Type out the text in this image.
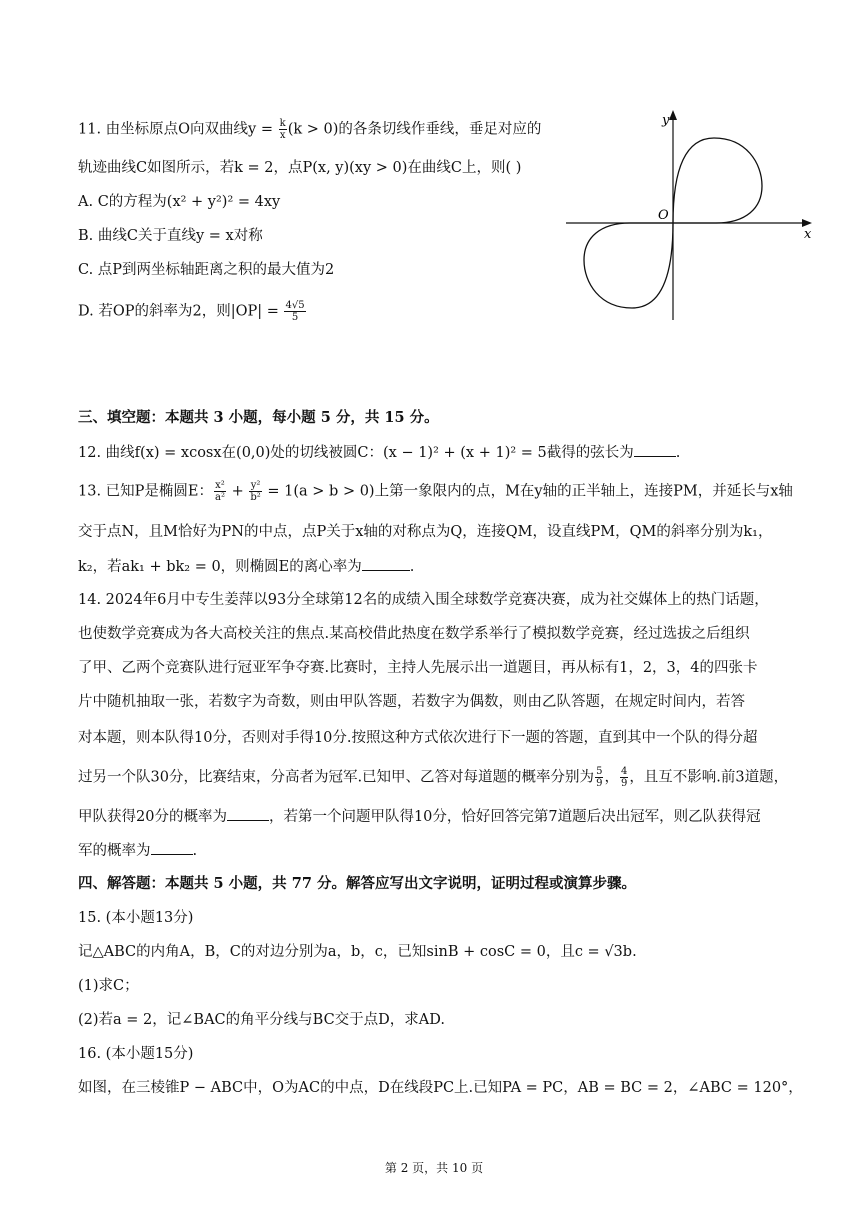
11. 由坐标原点O向双曲线$y = \frac{k}{x} (k > 0)$的各条切线作垂线，垂足对应的
轨迹曲线C如图所示，若k = 2，点P(x, y)(xy > 0)在曲线C上，则( )
A. C的方程为(x² + y²)² = 4xy
B. 曲线C关于直线y = x对称
C. 点P到两坐标轴距离之积的最大值为2
D. 若OP的斜率为2，则$|OP| = \frac{4√5}{5}$
y
x
O
三、填空题：本题共 3 小题，每小题 5 分，共 15 分。
12. 曲线f(x) = xcosx在(0,0)处的切线被圆C：(x − 1)² + (x + 1)² = 5截得的弦长为	.
13. 已知P是椭圆E： $\frac{\text{x²}}{\text{a²}} + \frac{\text{y²}}{\text{b²}} = 1(a > b > 0)$上第一象限内的点，M在y轴的正半轴上，连接PM，并延长与x轴
交于点N，且M恰好为PN的中点，点P关于x轴的对称点为Q，连接QM，设直线PM，QM的斜率分别为k₁，
k₂，若ak₁ + bk₂ = 0，则椭圆E的离心率为	.
14. 2024年6月中专生姜萍以93分全球第12名的成绩入围全球数学竞赛决赛，成为社交媒体上的热门话题，
也使数学竞赛成为各大高校关注的焦点.某高校借此热度在数学系举行了模拟数学竞赛，经过选拔之后组织
了甲、乙两个竞赛队进行冠亚军争夺赛.比赛时，主持人先展示出一道题目，再从标有1，2，3，4的四张卡
片中随机抽取一张，若数字为奇数，则由甲队答题，若数字为偶数，则由乙队答题，在规定时间内，若答
对本题，则本队得10分，否则对手得10分.按照这种方式依次进行下一题的答题，直到其中一个队的得分超
过另一个队30分，比赛结束，分高者为冠军.已知甲、乙答对每道题的概率分别为 $\frac{5}{9}$ ， $\frac{4}{9}$ ，且互不影响.前3道题，
甲队获得20分的概率为	，若第一个问题甲队得10分，恰好回答完第7道题后决出冠军，则乙队获得冠
军的概率为	.
四、解答题：本题共 5 小题，共 77 分。解答应写出文字说明，证明过程或演算步骤。
15. (本小题13分)
记△ABC的内角A，B，C的对边分别为a，b，c，已知sinB + cosC = 0，且c = √3b.
(1)求C；
(2)若a = 2，记∠BAC的角平分线与BC交于点D，求AD.
16. (本小题15分)
如图，在三棱锥P − ABC中，O为AC的中点，D在线段PC上.已知PA = PC，AB = BC = 2，∠ABC = 120°，
第 2 页，共 10 页
